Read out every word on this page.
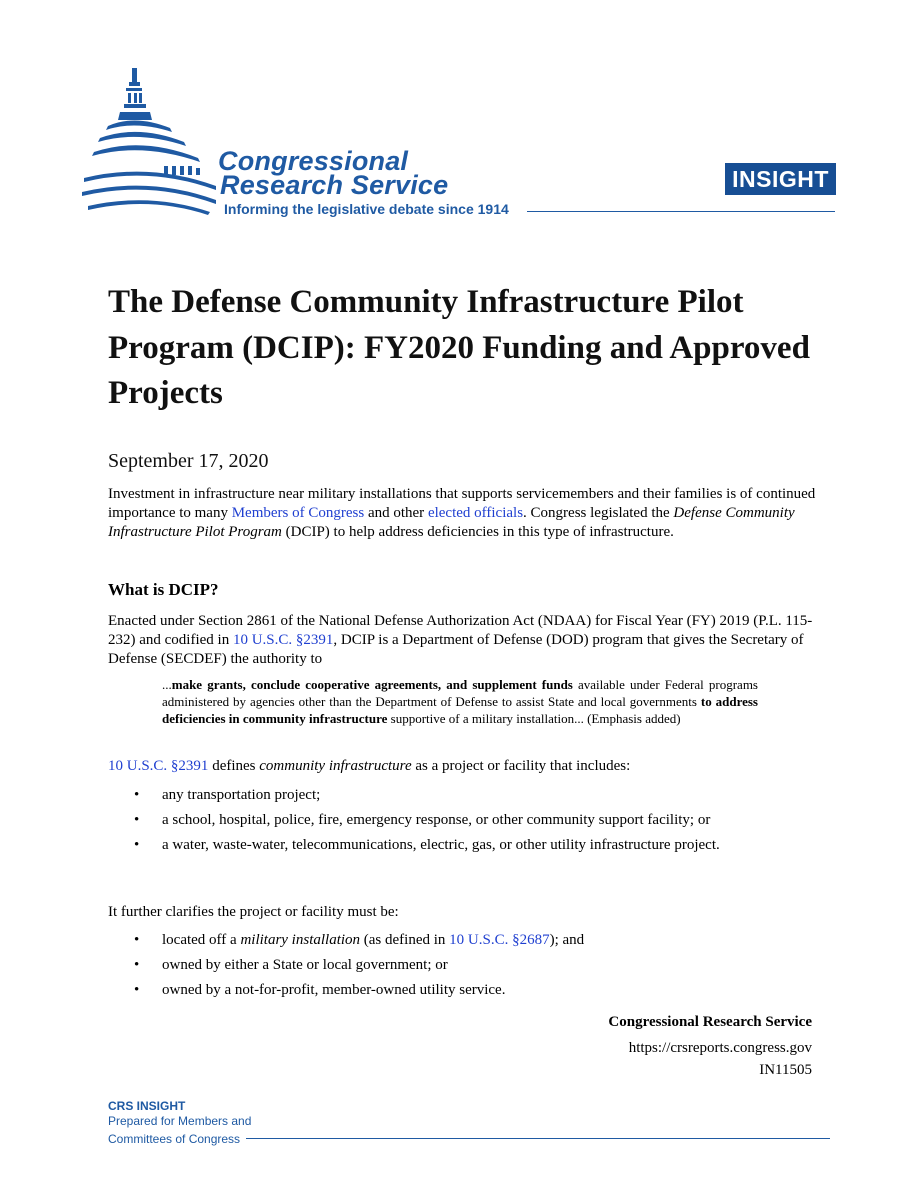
Congressional
Research Service
Informing the legislative debate since 1914
INSIGHT
The Defense Community Infrastructure Pilot Program (DCIP): FY2020 Funding and Approved Projects
September 17, 2020
Investment in infrastructure near military installations that supports servicemembers and their families is of continued importance to many Members of Congress and other elected officials. Congress legislated the Defense Community Infrastructure Pilot Program (DCIP) to help address deficiencies in this type of infrastructure.
What is DCIP?
Enacted under Section 2861 of the National Defense Authorization Act (NDAA) for Fiscal Year (FY) 2019 (P.L. 115-232) and codified in 10 U.S.C. §2391, DCIP is a Department of Defense (DOD) program that gives the Secretary of Defense (SECDEF) the authority to
...make grants, conclude cooperative agreements, and supplement funds available under Federal programs administered by agencies other than the Department of Defense to assist State and local governments to address deficiencies in community infrastructure supportive of a military installation... (Emphasis added)
10 U.S.C. §2391 defines community infrastructure as a project or facility that includes:
• any transportation project;
• a school, hospital, police, fire, emergency response, or other community support facility; or
• a water, waste-water, telecommunications, electric, gas, or other utility infrastructure project.
It further clarifies the project or facility must be:
• located off a military installation (as defined in 10 U.S.C. §2687); and
• owned by either a State or local government; or
• owned by a not-for-profit, member-owned utility service.
Congressional Research Service
https://crsreports.congress.gov
IN11505
CRS INSIGHT
Prepared for Members and
Committees of Congress
